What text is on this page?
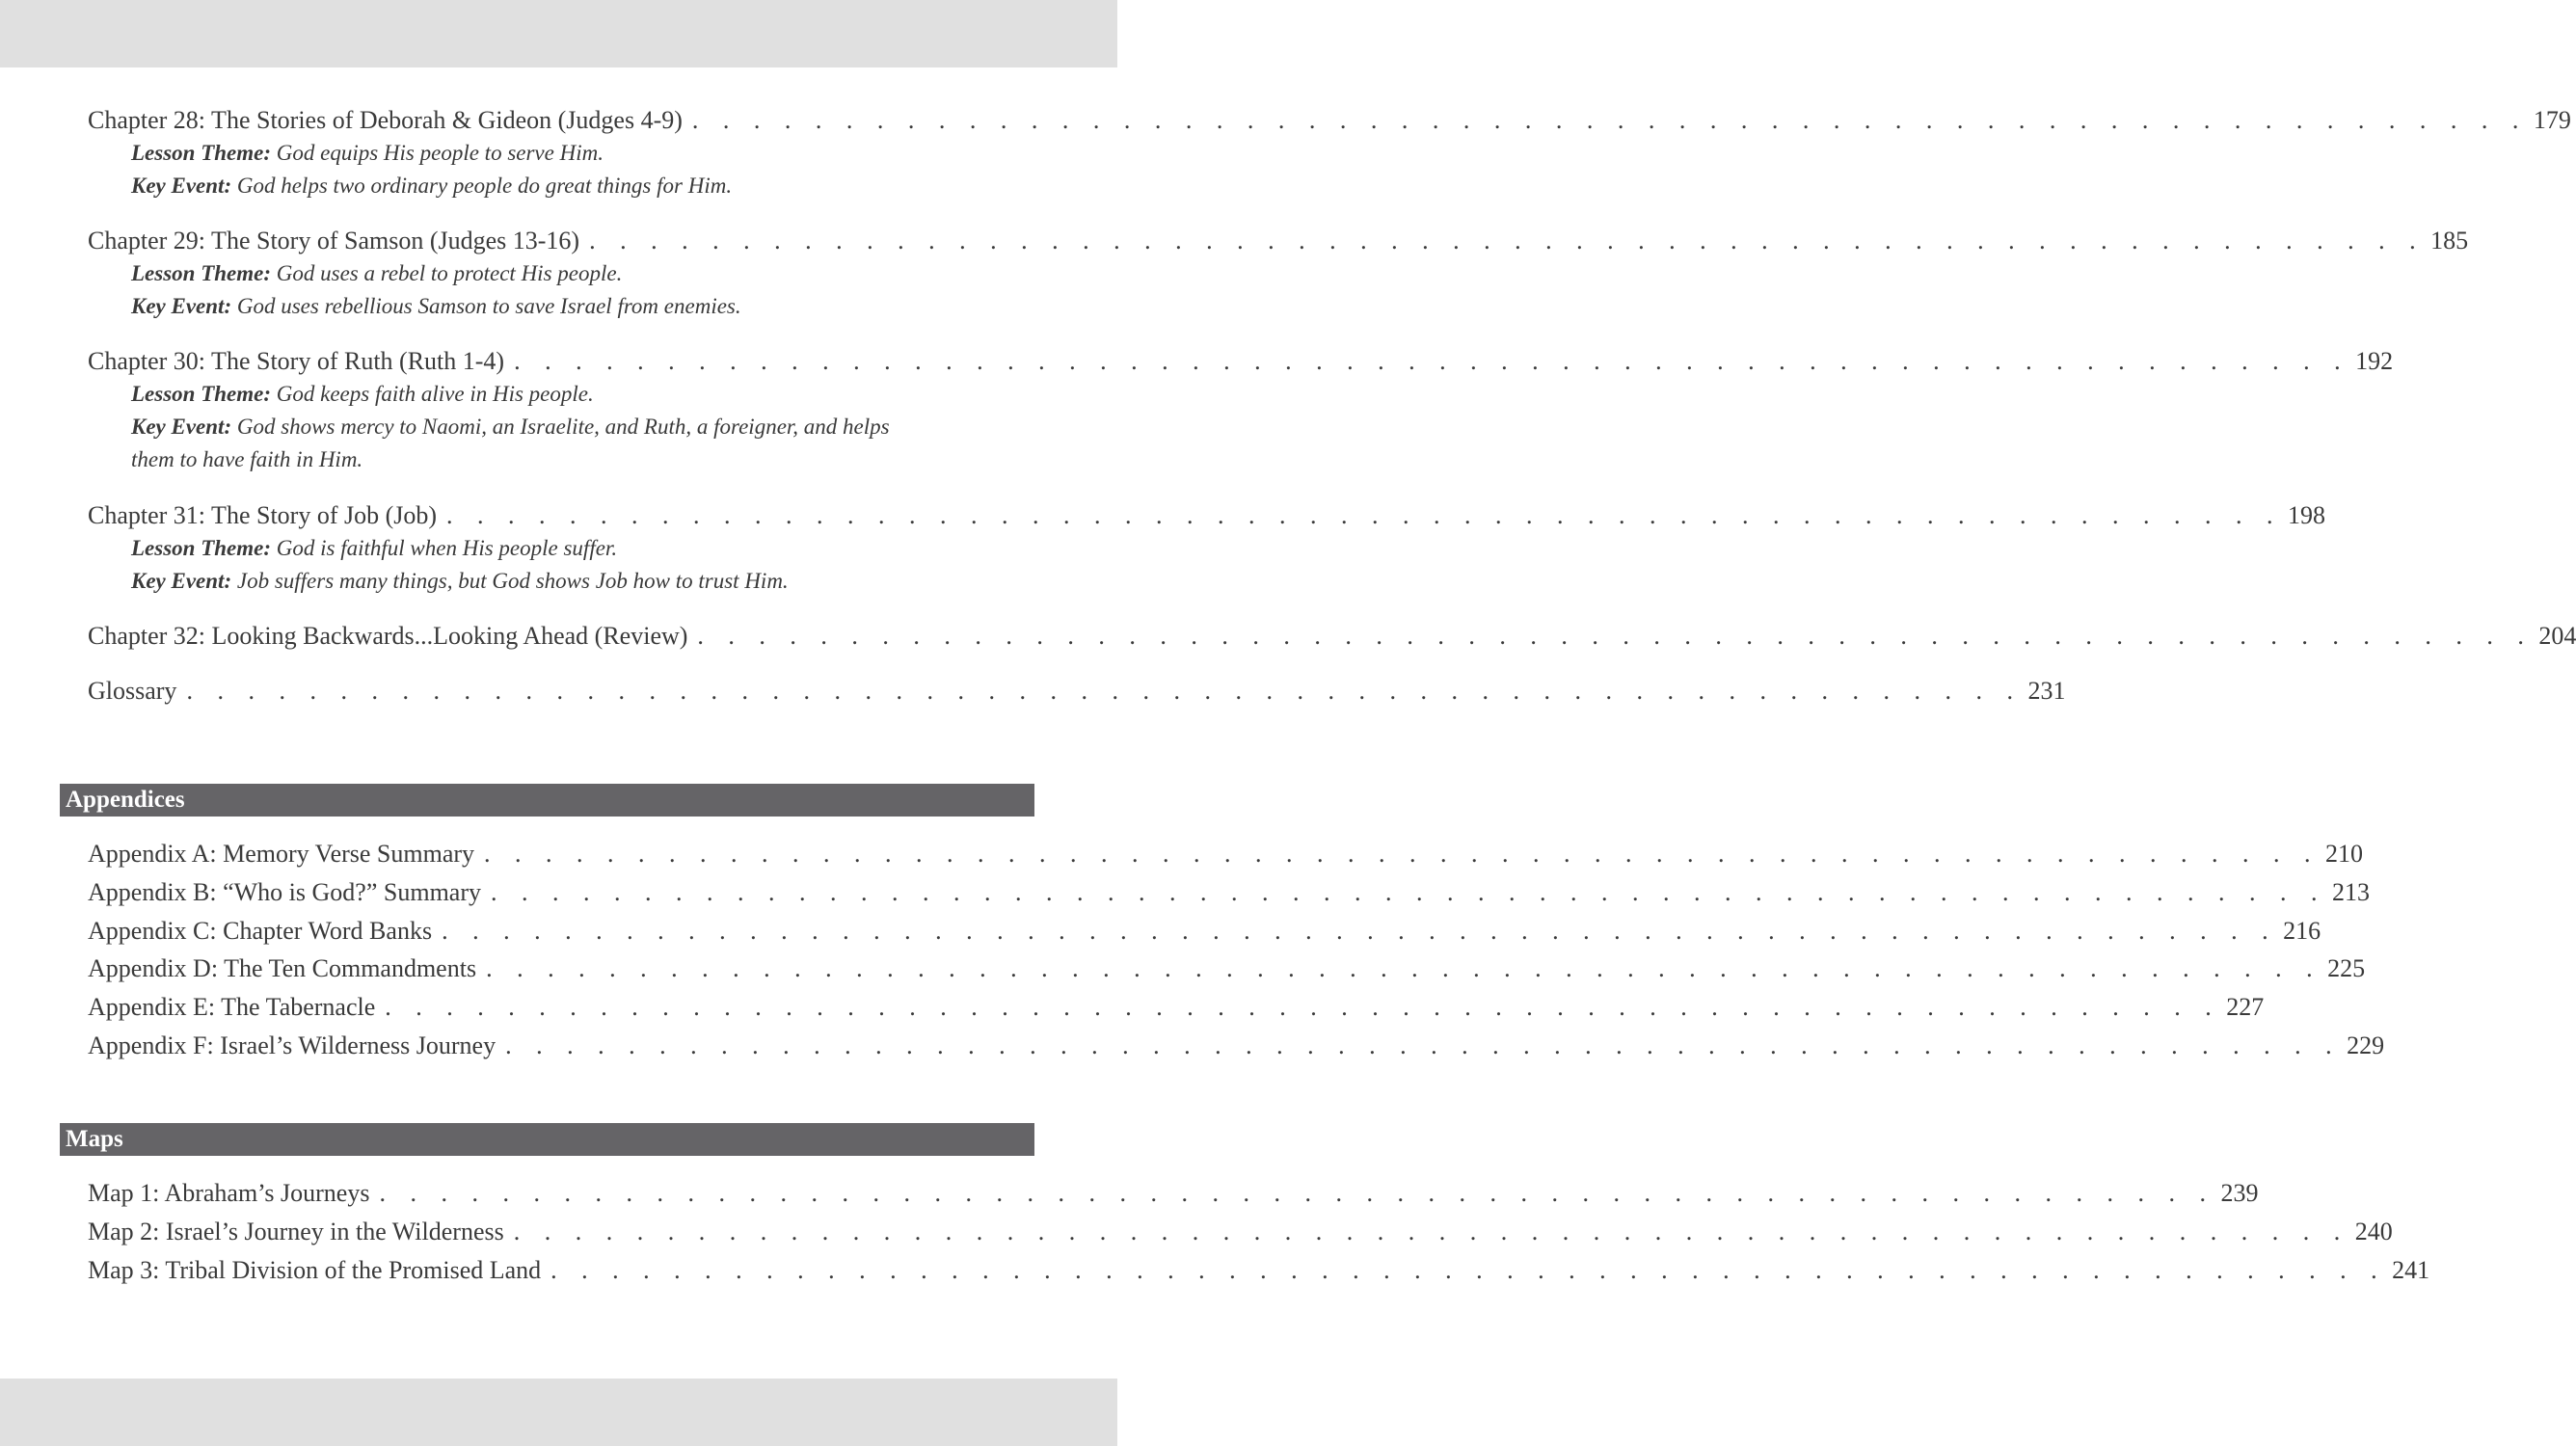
Chapter 28: The Stories of Deborah & Gideon (Judges 4-9) . . . . . . . . . . . . . . . . . . . . . . . . . . . . . . . . . . . . . . . . . . . . . . . . . . . . . . . . . . . . 179
Lesson Theme: God equips His people to serve Him.
Key Event: God helps two ordinary people do great things for Him.
Chapter 29: The Story of Samson (Judges 13-16) . . . . . . . . . . . . . . . . . . . . . . . . . . . . . . . . . . . . . . . . . . . . . . . . . . . . . . . . . . . . 185
Lesson Theme: God uses a rebel to protect His people.
Key Event: God uses rebellious Samson to save Israel from enemies.
Chapter 30: The Story of Ruth (Ruth 1-4) . . . . . . . . . . . . . . . . . . . . . . . . . . . . . . . . . . . . . . . . . . . . . . . . . . . . . . . . . . . . 192
Lesson Theme: God keeps faith alive in His people.
Key Event: God shows mercy to Naomi, an Israelite, and Ruth, a foreigner, and helps
them to have faith in Him.
Chapter 31: The Story of Job (Job) . . . . . . . . . . . . . . . . . . . . . . . . . . . . . . . . . . . . . . . . . . . . . . . . . . . . . . . . . . . . 198
Lesson Theme: God is faithful when His people suffer.
Key Event: Job suffers many things, but God shows Job how to trust Him.
Chapter 32: Looking Backwards...Looking Ahead (Review) . . . . . . . . . . . . . . . . . . . . . . . . . . . . . . . . . . . . . . . . . . . . . . . . . . . . . . . . . . . . 204
Glossary . . . . . . . . . . . . . . . . . . . . . . . . . . . . . . . . . . . . . . . . . . . . . . . . . . . . . . . . . . . . 231
Appendices
Appendix A: Memory Verse Summary . . . . . . . . . . . . . . . . . . . . . . . . . . . . . . . . . . . . . . . . . . . . . . . . . . . . . . . . . . . . 210
Appendix B: “Who is God?” Summary . . . . . . . . . . . . . . . . . . . . . . . . . . . . . . . . . . . . . . . . . . . . . . . . . . . . . . . . . . . . 213
Appendix C: Chapter Word Banks . . . . . . . . . . . . . . . . . . . . . . . . . . . . . . . . . . . . . . . . . . . . . . . . . . . . . . . . . . . . 216
Appendix D: The Ten Commandments . . . . . . . . . . . . . . . . . . . . . . . . . . . . . . . . . . . . . . . . . . . . . . . . . . . . . . . . . . . . 225
Appendix E: The Tabernacle . . . . . . . . . . . . . . . . . . . . . . . . . . . . . . . . . . . . . . . . . . . . . . . . . . . . . . . . . . . . 227
Appendix F: Israel’s Wilderness Journey . . . . . . . . . . . . . . . . . . . . . . . . . . . . . . . . . . . . . . . . . . . . . . . . . . . . . . . . . . . . 229
Maps
Map 1: Abraham’s Journeys . . . . . . . . . . . . . . . . . . . . . . . . . . . . . . . . . . . . . . . . . . . . . . . . . . . . . . . . . . . . 239
Map 2: Israel’s Journey in the Wilderness . . . . . . . . . . . . . . . . . . . . . . . . . . . . . . . . . . . . . . . . . . . . . . . . . . . . . . . . . . . . 240
Map 3: Tribal Division of the Promised Land . . . . . . . . . . . . . . . . . . . . . . . . . . . . . . . . . . . . . . . . . . . . . . . . . . . . . . . . . . . . 241
